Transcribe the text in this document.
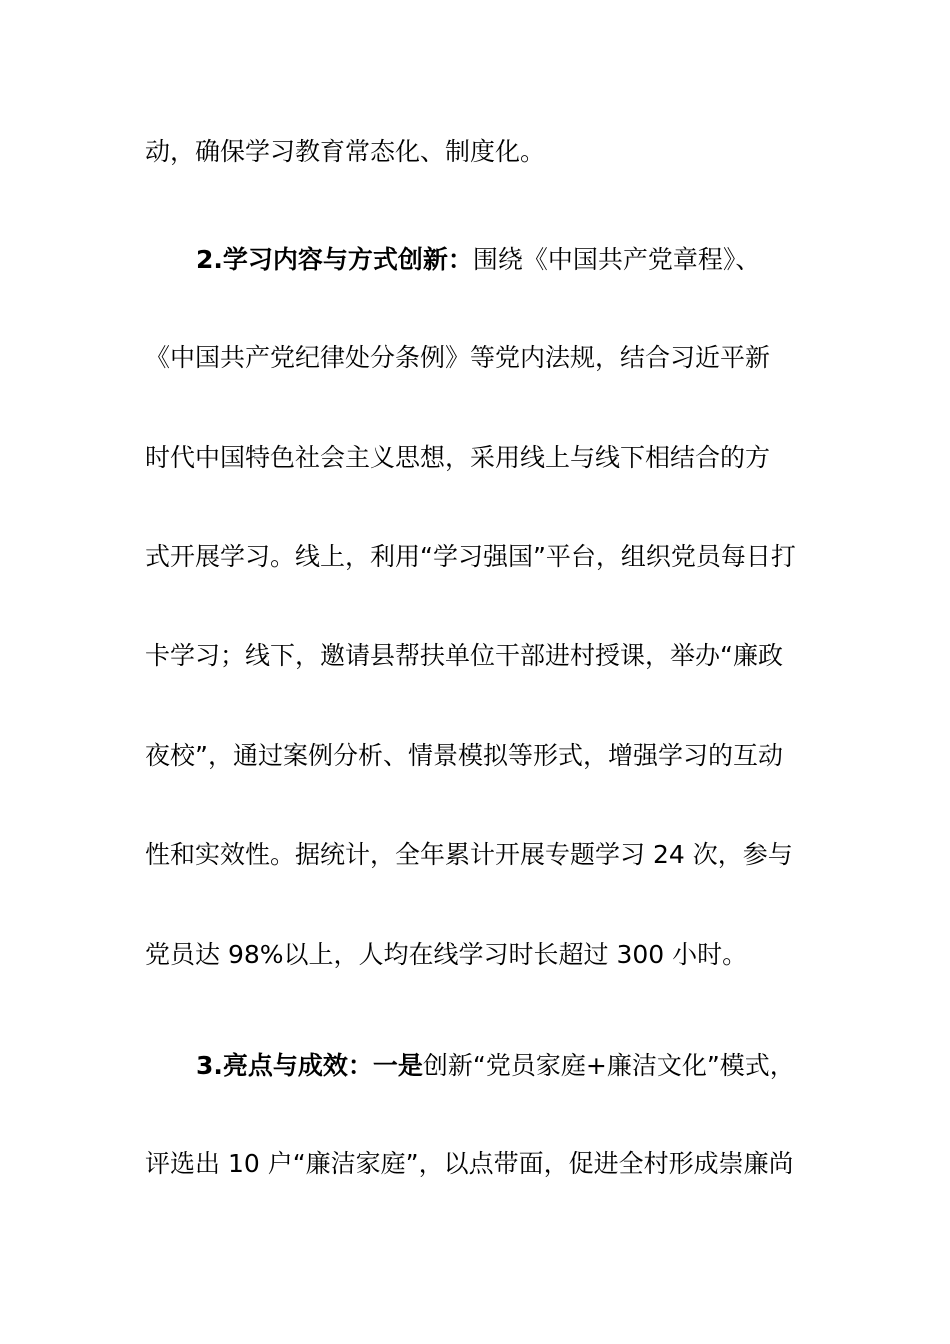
动，确保学习教育常态化、制度化。
2.学习内容与方式创新：围绕《中国共产党章程》、
《中国共产党纪律处分条例》等党内法规，结合习近平新
时代中国特色社会主义思想，采用线上与线下相结合的方
式开展学习。线上，利用“学习强国”平台，组织党员每日打
卡学习；线下，邀请县帮扶单位干部进村授课，举办“廉政
夜校”，通过案例分析、情景模拟等形式，增强学习的互动
性和实效性。据统计，全年累计开展专题学习 24 次，参与
党员达 98%以上，人均在线学习时长超过 300 小时。
3.亮点与成效：一是创新“党员家庭+廉洁文化”模式，
评选出 10 户“廉洁家庭”，以点带面，促进全村形成崇廉尚
